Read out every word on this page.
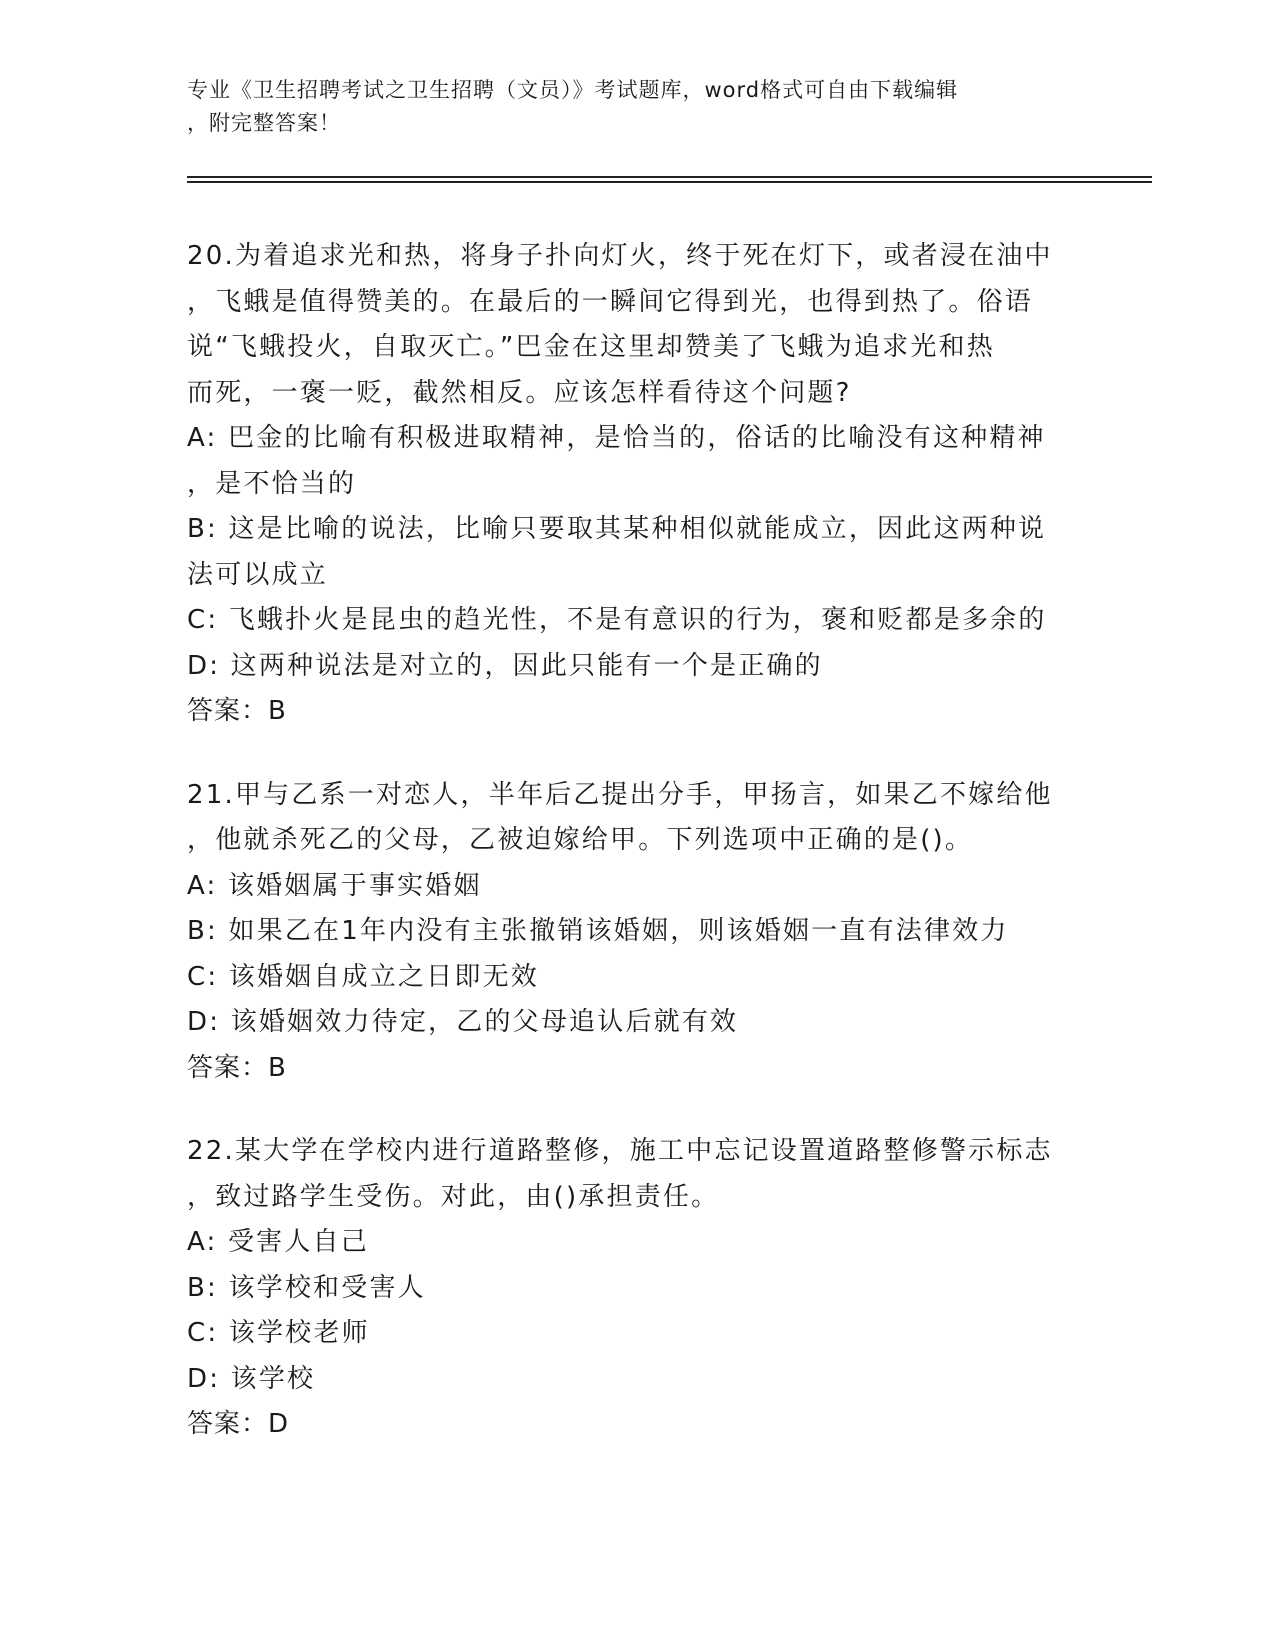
专业《卫生招聘考试之卫生招聘（文员）》考试题库，word格式可自由下载编辑
，附完整答案！
20.为着追求光和热，将身子扑向灯火，终于死在灯下，或者浸在油中
，飞蛾是值得赞美的。在最后的一瞬间它得到光，也得到热了。俗语
说“飞蛾投火，自取灭亡。”巴金在这里却赞美了飞蛾为追求光和热
而死，一褒一贬，截然相反。应该怎样看待这个问题?
A: 巴金的比喻有积极进取精神，是恰当的，俗话的比喻没有这种精神
，是不恰当的
B: 这是比喻的说法，比喻只要取其某种相似就能成立，因此这两种说
法可以成立
C: 飞蛾扑火是昆虫的趋光性，不是有意识的行为，褒和贬都是多余的
D: 这两种说法是对立的，因此只能有一个是正确的
答案：B
21.甲与乙系一对恋人，半年后乙提出分手，甲扬言，如果乙不嫁给他
，他就杀死乙的父母，乙被迫嫁给甲。下列选项中正确的是()。
A: 该婚姻属于事实婚姻
B: 如果乙在1年内没有主张撤销该婚姻，则该婚姻一直有法律效力
C: 该婚姻自成立之日即无效
D: 该婚姻效力待定，乙的父母追认后就有效
答案：B
22.某大学在学校内进行道路整修，施工中忘记设置道路整修警示标志
，致过路学生受伤。对此，由()承担责任。
A: 受害人自己
B: 该学校和受害人
C: 该学校老师
D: 该学校
答案：D
